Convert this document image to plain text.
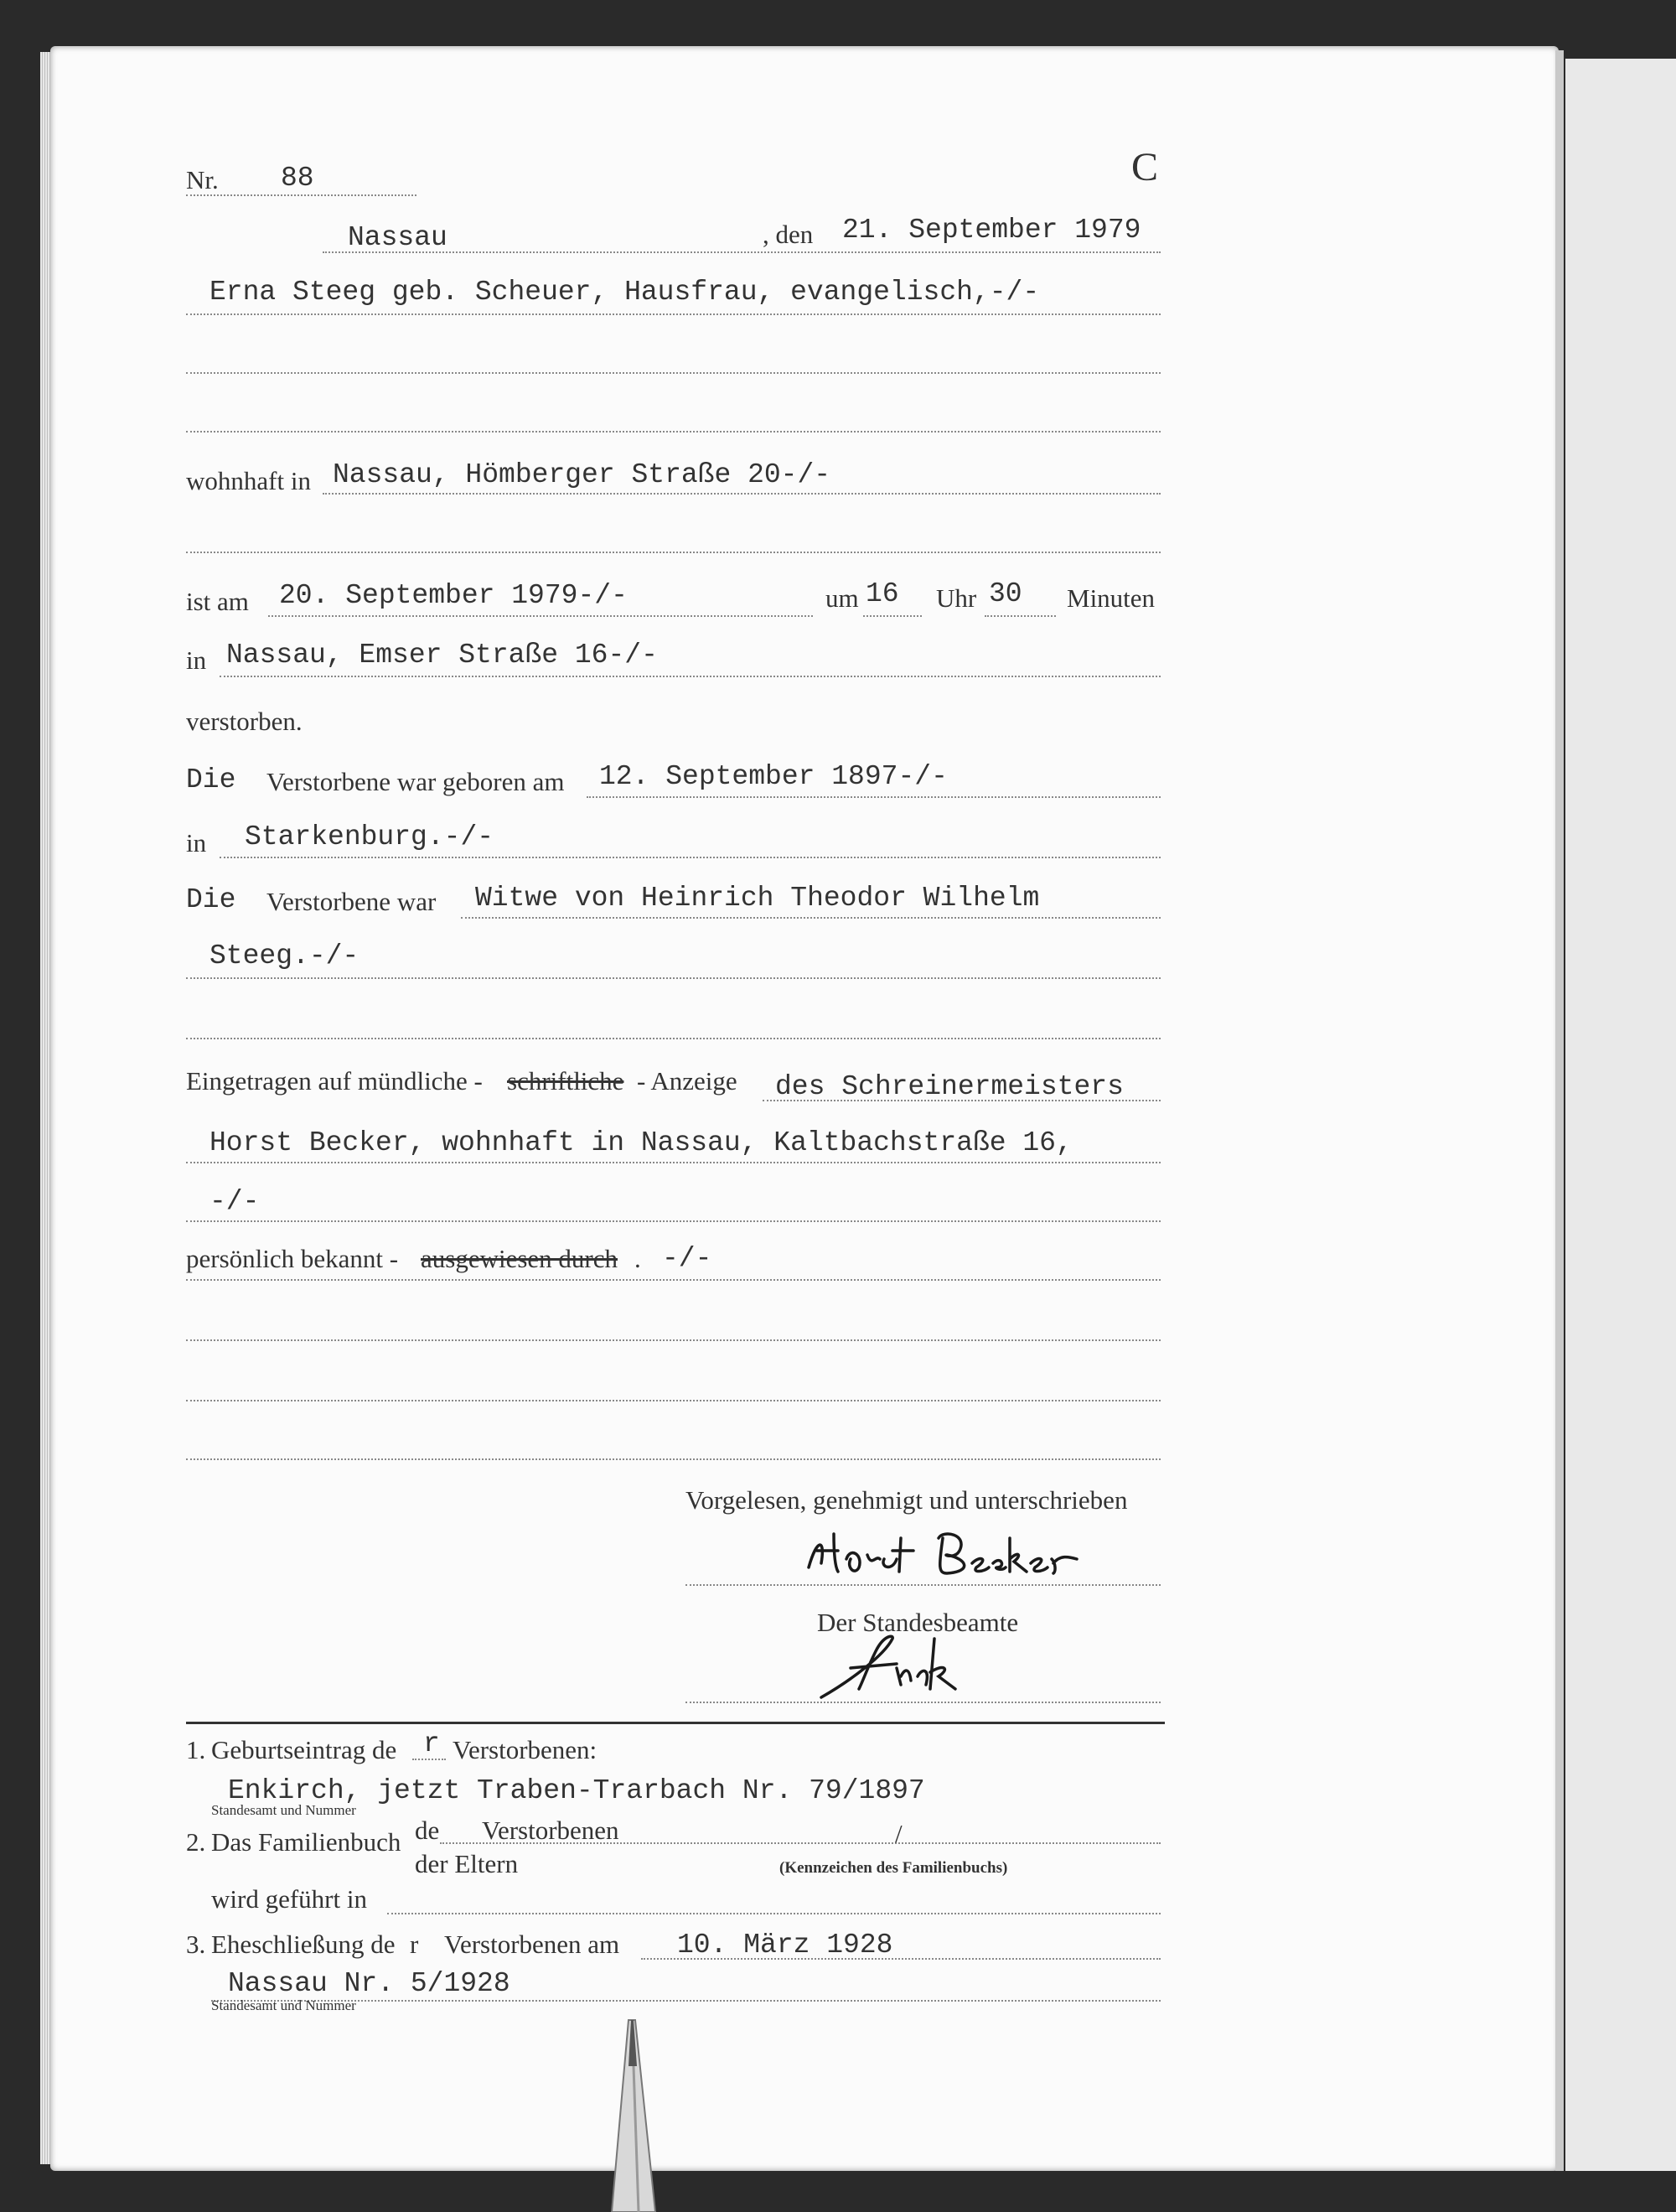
Nr. 88	C
Nassau	, den 21. September 1979
Erna Steeg geb. Scheuer, Hausfrau, evangelisch,-/-
wohnhaft in Nassau, Hömberger Straße 20-/-
ist am 20. September 1979-/-	um 16 Uhr 30 Minuten
in Nassau, Emser Straße 16-/-
verstorben.
Die Verstorbene war geboren am 12. September 1897-/-
in Starkenburg.-/-
Die Verstorbene war Witwe von Heinrich Theodor Wilhelm
Steeg.-/-
Eingetragen auf mündliche - schriftliche - Anzeige des Schreinermeisters
Horst Becker, wohnhaft in Nassau, Kaltbachstraße 16,
-/-
persönlich bekannt - ausgewiesen durch . -/-
Vorgelesen, genehmigt und unterschrieben
Der Standesbeamte
1. Geburtseintrag de r Verstorbenen:
Enkirch, jetzt Traben-Trarbach Nr. 79/1897
Standesamt und Nummer
2. Das Familienbuch de Verstorbenen	/
der Eltern	(Kennzeichen des Familienbuchs)
wird geführt in
3. Eheschließung de r Verstorbenen am 10. März 1928
Nassau Nr. 5/1928
Standesamt und Nummer
